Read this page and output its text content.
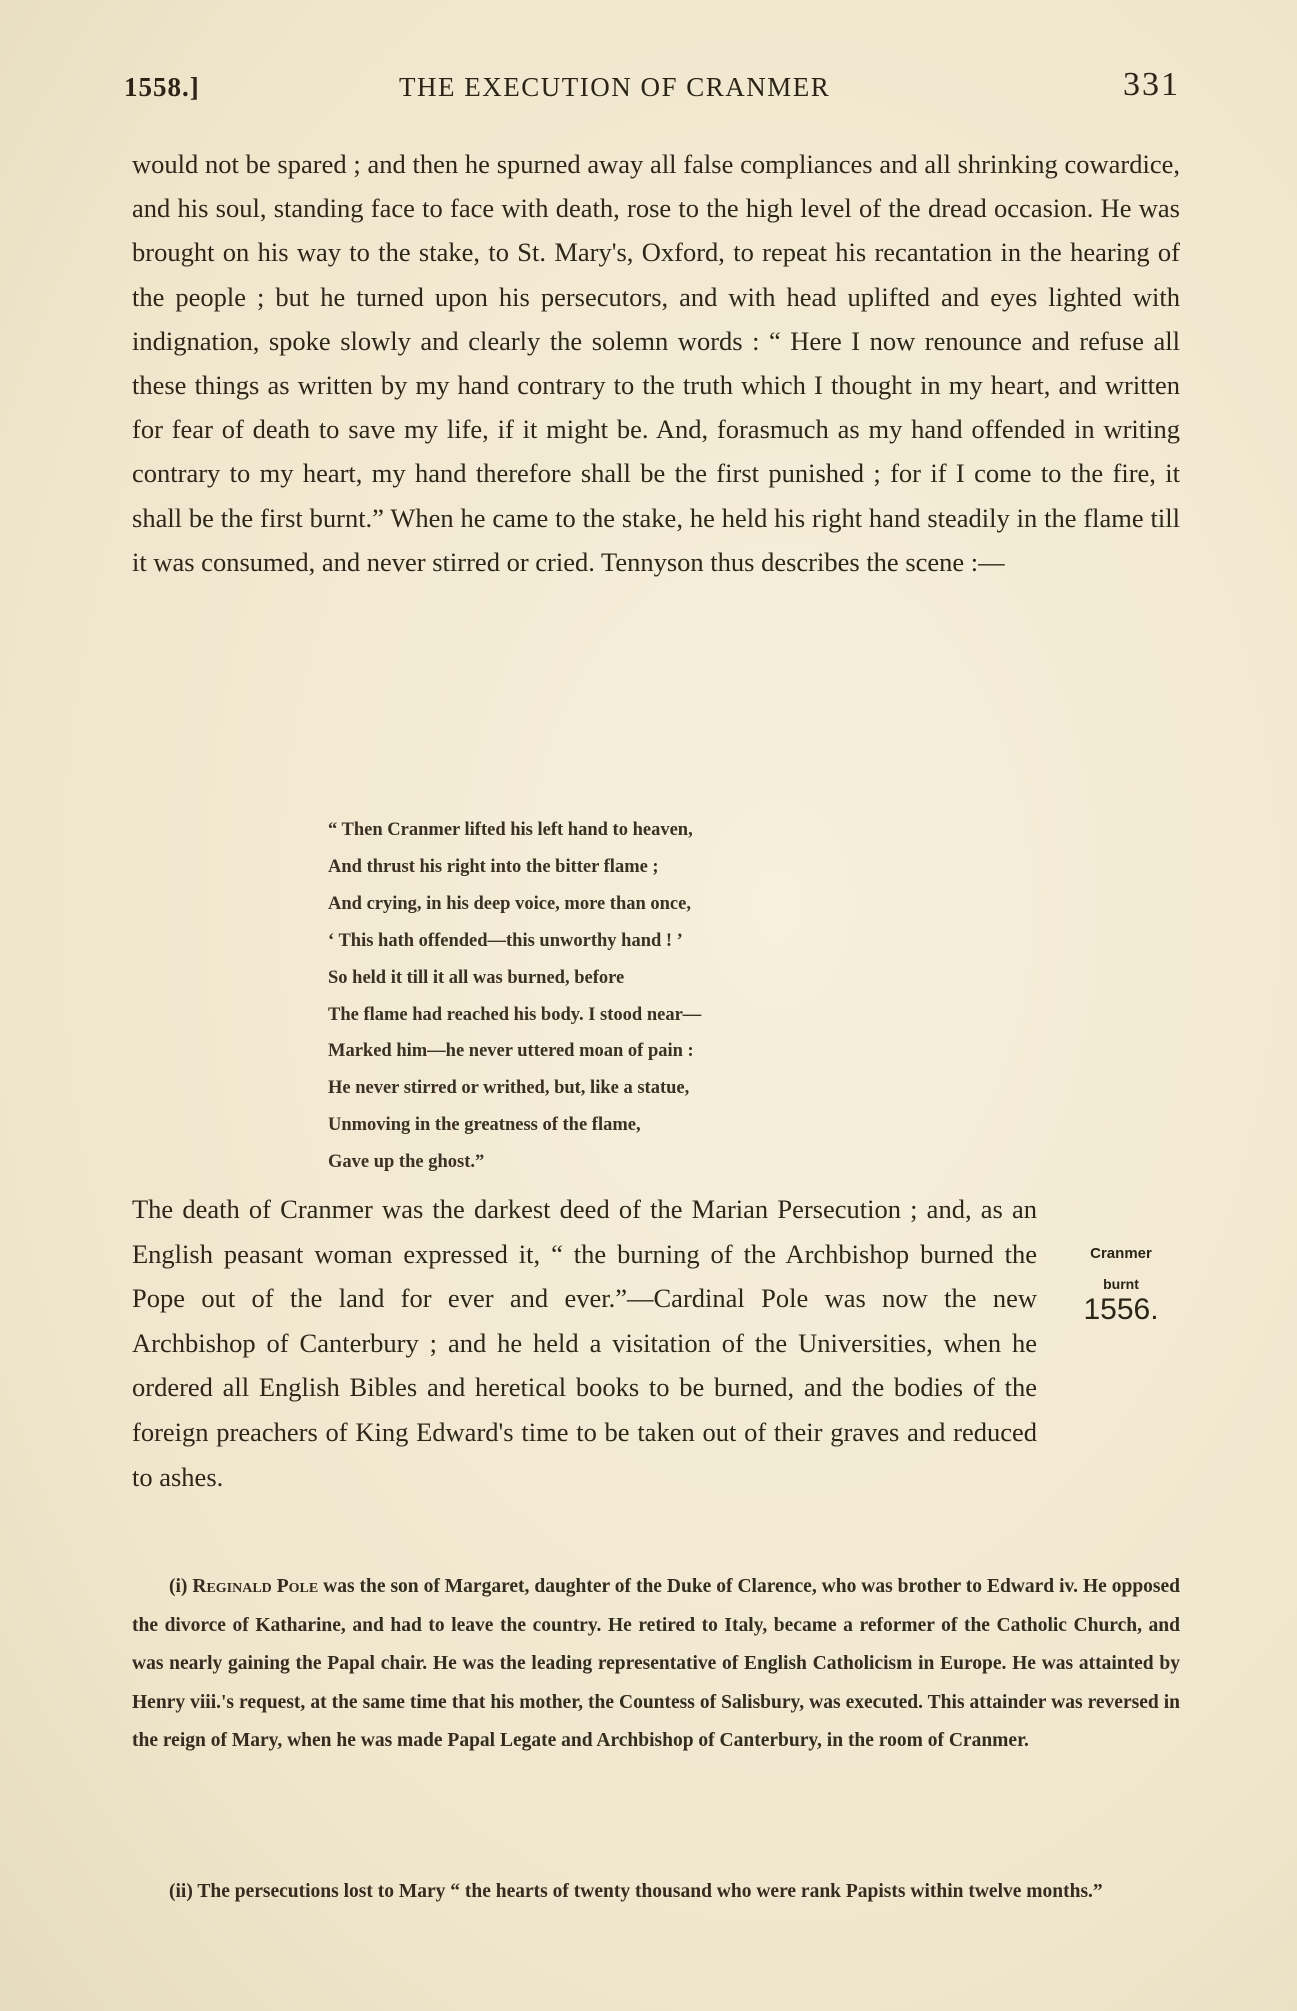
1558.]	THE EXECUTION OF CRANMER	331
would not be spared ; and then he spurned away all false compliances and all shrinking cowardice, and his soul, standing face to face with death, rose to the high level of the dread occasion. He was brought on his way to the stake, to St. Mary's, Oxford, to repeat his recantation in the hearing of the people ; but he turned upon his persecutors, and with head uplifted and eyes lighted with indignation, spoke slowly and clearly the solemn words : “ Here I now renounce and refuse all these things as written by my hand contrary to the truth which I thought in my heart, and written for fear of death to save my life, if it might be. And, forasmuch as my hand offended in writing contrary to my heart, my hand therefore shall be the first punished ; for if I come to the fire, it shall be the first burnt.” When he came to the stake, he held his right hand steadily in the flame till it was consumed, and never stirred or cried. Tennyson thus describes the scene :—
“ Then Cranmer lifted his left hand to heaven,
And thrust his right into the bitter flame ;
And crying, in his deep voice, more than once,
‘ This hath offended—this unworthy hand ! ’
So held it till it all was burned, before
The flame had reached his body. I stood near—
Marked him—he never uttered moan of pain :
He never stirred or writhed, but, like a statue,
Unmoving in the greatness of the flame,
Gave up the ghost.”
The death of Cranmer was the darkest deed of the Marian Persecution ; and, as an English peasant woman expressed it, “ the burning of the Archbishop burned the Pope out of the land for ever and ever.”—Cardinal Pole was now the new Archbishop of Canterbury ; and he held a visitation of the Universities, when he ordered all English Bibles and heretical books to be burned, and the bodies of the foreign preachers of King Edward's time to be taken out of their graves and reduced to ashes.
Cranmer
burnt
1556.
(i) Reginald Pole was the son of Margaret, daughter of the Duke of Clarence, who was brother to Edward iv. He opposed the divorce of Katharine, and had to leave the country. He retired to Italy, became a reformer of the Catholic Church, and was nearly gaining the Papal chair. He was the leading representative of English Catholicism in Europe. He was attainted by Henry viii.'s request, at the same time that his mother, the Countess of Salisbury, was executed. This attainder was reversed in the reign of Mary, when he was made Papal Legate and Archbishop of Canterbury, in the room of Cranmer.
(ii) The persecutions lost to Mary “ the hearts of twenty thousand who were rank Papists within twelve months.”
